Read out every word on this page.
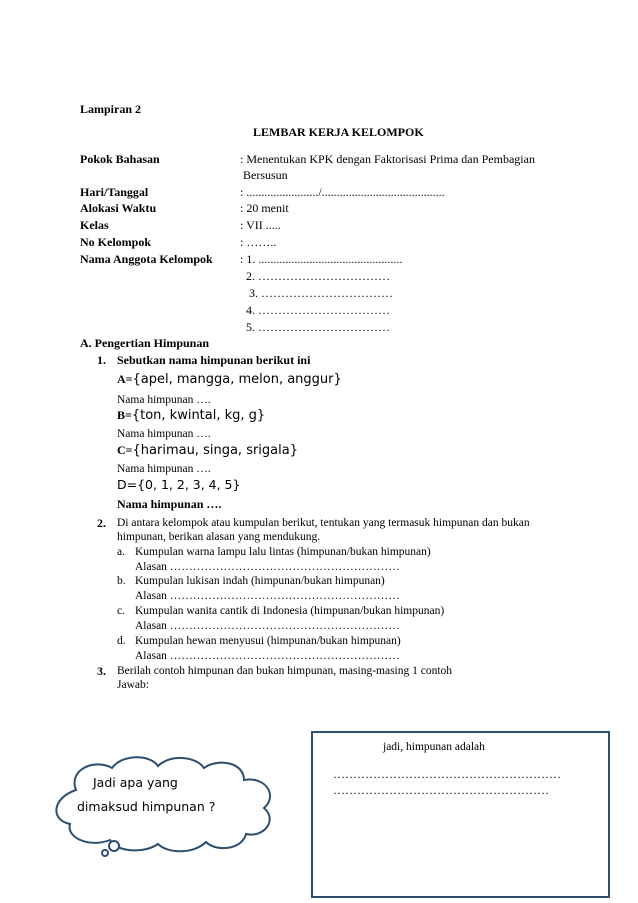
Lampiran 2
LEMBAR KERJA KELOMPOK
Pokok Bahasan	: Menentukan KPK dengan Faktorisasi Prima dan Pembagian
Bersusun
Hari/Tanggal	: ......................../.........................................
Alokasi Waktu	: 20 menit
Kelas	: VII .....
No Kelompok	: ……..
Nama Anggota Kelompok : 1. ................................................
2. ……………………………
3. ……………………………
4. ……………………………
5. ……………………………
A. Pengertian Himpunan
1. Sebutkan nama himpunan berikut ini
A={apel, mangga, melon, anggur}
Nama himpunan ….
B={ton, kwintal, kg, g}
Nama himpunan ….
C={harimau, singa, srigala}
Nama himpunan ….
D={0, 1, 2, 3, 4, 5}
Nama himpunan ….
2. Di antara kelompok atau kumpulan berikut, tentukan yang termasuk himpunan dan bukan
himpunan, berikan alasan yang mendukung.
a. Kumpulan warna lampu lalu lintas (himpunan/bukan himpunan)
Alasan ……………………………………………………
b. Kumpulan lukisan indah (himpunan/bukan himpunan)
Alasan ……………………………………………………
c. Kumpulan wanita cantik di Indonesia (himpunan/bukan himpunan)
Alasan ……………………………………………………
d. Kumpulan hewan menyusui (himpunan/bukan himpunan)
Alasan ……………………………………………………
3. Berilah contoh himpunan dan bukan himpunan, masing-masing 1 contoh
Jawab:
jadi, himpunan adalah
…………………………………………………
………………………………………………
Jadi apa yang
dimaksud himpunan ?
